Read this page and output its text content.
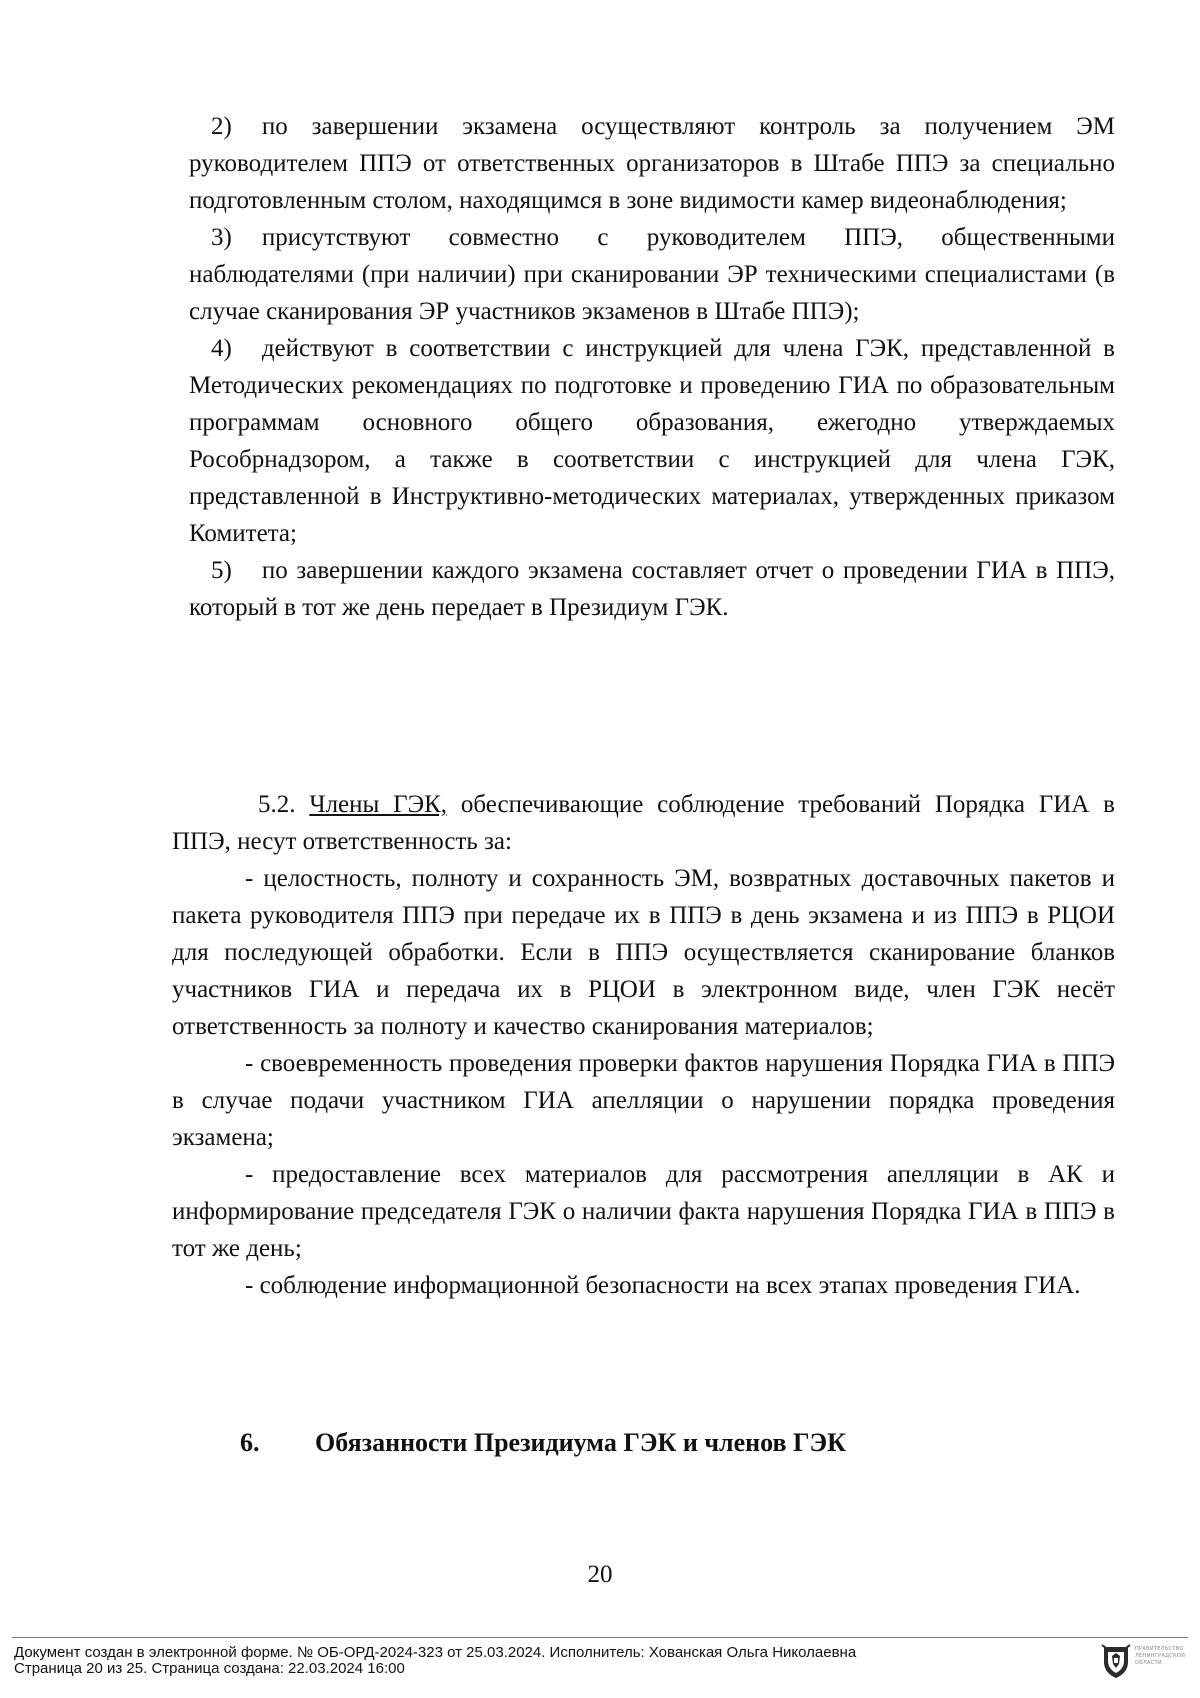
2) по завершении экзамена осуществляют контроль за получением ЭМ руководителем ППЭ от ответственных организаторов в Штабе ППЭ за специально подготовленным столом, находящимся в зоне видимости камер видеонаблюдения;

3) присутствуют совместно с руководителем ППЭ, общественными наблюдателями (при наличии) при сканировании ЭР техническими специалистами (в случае сканирования ЭР участников экзаменов в Штабе ППЭ);

4) действуют в соответствии с инструкцией для члена ГЭК, представленной в Методических рекомендациях по подготовке и проведению ГИА по образовательным программам основного общего образования, ежегодно утверждаемых Рособрнадзором, а также в соответствии с инструкцией для члена ГЭК, представленной в Инструктивно-методических материалах, утвержденных приказом Комитета;

5) по завершении каждого экзамена составляет отчет о проведении ГИА в ППЭ, который в тот же день передает в Президиум ГЭК.

5.2. Члены ГЭК, обеспечивающие соблюдение требований Порядка ГИА в ППЭ, несут ответственность за:

- целостность, полноту и сохранность ЭМ, возвратных доставочных пакетов и пакета руководителя ППЭ при передаче их в ППЭ в день экзамена и из ППЭ в РЦОИ для последующей обработки. Если в ППЭ осуществляется сканирование бланков участников ГИА и передача их в РЦОИ в электронном виде, член ГЭК несёт ответственность за полноту и качество сканирования материалов;

- своевременность проведения проверки фактов нарушения Порядка ГИА в ППЭ в случае подачи участником ГИА апелляции о нарушении порядка проведения экзамена;

- предоставление всех материалов для рассмотрения апелляции в АК и информирование председателя ГЭК о наличии факта нарушения Порядка ГИА в ППЭ в тот же день;

- соблюдение информационной безопасности на всех этапах проведения ГИА.

6. Обязанности Президиума ГЭК и членов ГЭК
20
Документ создан в электронной форме. № ОБ-ОРД-2024-323 от 25.03.2024. Исполнитель: Хованская Ольга Николаевна
Страница 20 из 25. Страница создана: 22.03.2024 16:00
ПРАВИТЕЛЬСТВО ЛЕНИНГРАДСКОЙ ОБЛАСТИ
